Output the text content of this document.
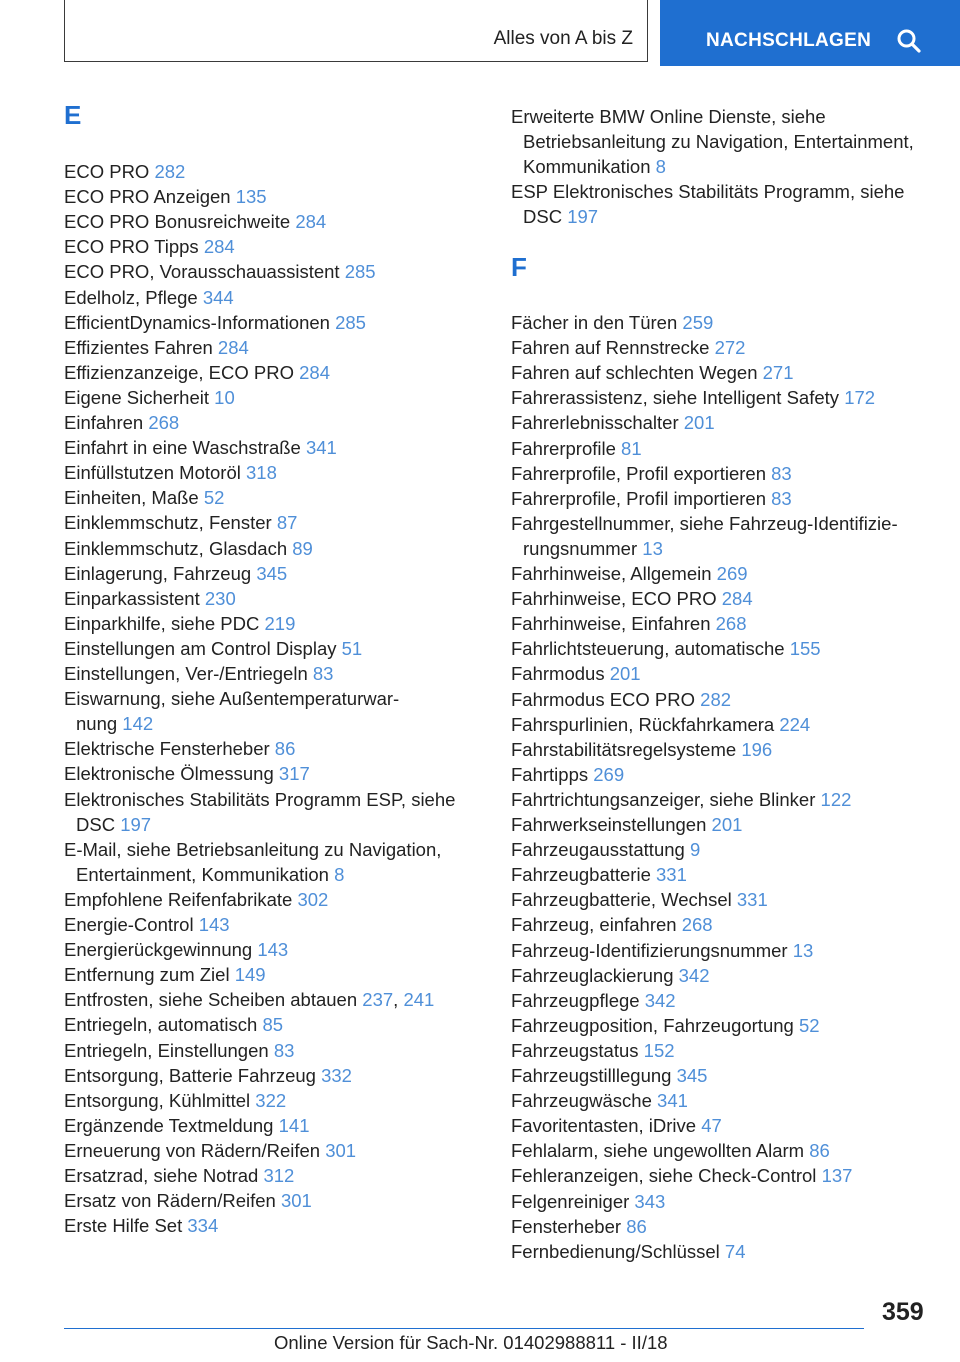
Alles von A bis Z	NACHSCHLAGEN
E
ECO PRO 282
ECO PRO Anzeigen 135
ECO PRO Bonusreichweite 284
ECO PRO Tipps 284
ECO PRO, Vorausschauassistent 285
Edelholz, Pflege 344
EfficientDynamics-Informationen 285
Effizientes Fahren 284
Effizienzanzeige, ECO PRO 284
Eigene Sicherheit 10
Einfahren 268
Einfahrt in eine Waschstraße 341
Einfüllstutzen Motoröl 318
Einheiten, Maße 52
Einklemmschutz, Fenster 87
Einklemmschutz, Glasdach 89
Einlagerung, Fahrzeug 345
Einparkassistent 230
Einparkhilfe, siehe PDC 219
Einstellungen am Control Display 51
Einstellungen, Ver-/Entriegeln 83
Eiswarnung, siehe Außentemperaturwar-
nung 142
Elektrische Fensterheber 86
Elektronische Ölmessung 317
Elektronisches Stabilitäts Programm ESP, siehe
DSC 197
E-Mail, siehe Betriebsanleitung zu Navigation,
Entertainment, Kommunikation 8
Empfohlene Reifenfabrikate 302
Energie-Control 143
Energierückgewinnung 143
Entfernung zum Ziel 149
Entfrosten, siehe Scheiben abtauen 237, 241
Entriegeln, automatisch 85
Entriegeln, Einstellungen 83
Entsorgung, Batterie Fahrzeug 332
Entsorgung, Kühlmittel 322
Ergänzende Textmeldung 141
Erneuerung von Rädern/Reifen 301
Ersatzrad, siehe Notrad 312
Ersatz von Rädern/Reifen 301
Erste Hilfe Set 334
Erweiterte BMW Online Dienste, siehe
Betriebsanleitung zu Navigation, Entertainment,
Kommunikation 8
ESP Elektronisches Stabilitäts Programm, siehe
DSC 197
F
Fächer in den Türen 259
Fahren auf Rennstrecke 272
Fahren auf schlechten Wegen 271
Fahrerassistenz, siehe Intelligent Safety 172
Fahrerlebnisschalter 201
Fahrerprofile 81
Fahrerprofile, Profil exportieren 83
Fahrerprofile, Profil importieren 83
Fahrgestellnummer, siehe Fahrzeug-Identifizie-
rungsnummer 13
Fahrhinweise, Allgemein 269
Fahrhinweise, ECO PRO 284
Fahrhinweise, Einfahren 268
Fahrlichtsteuerung, automatische 155
Fahrmodus 201
Fahrmodus ECO PRO 282
Fahrspurlinien, Rückfahrkamera 224
Fahrstabilitätsregelsysteme 196
Fahrtipps 269
Fahrtrichtungsanzeiger, siehe Blinker 122
Fahrwerkseinstellungen 201
Fahrzeugausstattung 9
Fahrzeugbatterie 331
Fahrzeugbatterie, Wechsel 331
Fahrzeug, einfahren 268
Fahrzeug-Identifizierungsnummer 13
Fahrzeuglackierung 342
Fahrzeugpflege 342
Fahrzeugposition, Fahrzeugortung 52
Fahrzeugstatus 152
Fahrzeugstilllegung 345
Fahrzeugwäsche 341
Favoritentasten, iDrive 47
Fehlalarm, siehe ungewollten Alarm 86
Fehleranzeigen, siehe Check-Control 137
Felgenreiniger 343
Fensterheber 86
Fernbedienung/Schlüssel 74
359
Online Version für Sach-Nr. 01402988811 - II/18
